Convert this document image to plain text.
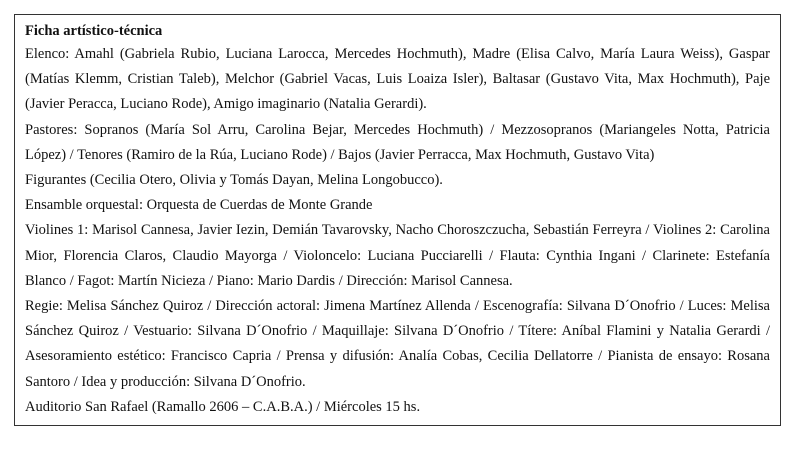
Ficha artístico-técnica

Elenco: Amahl (Gabriela Rubio, Luciana Larocca, Mercedes Hochmuth), Madre (Elisa Calvo, María Laura Weiss), Gaspar (Matías Klemm, Cristian Taleb), Melchor (Gabriel Vacas, Luis Loaiza Isler), Baltasar (Gustavo Vita, Max Hochmuth), Paje (Javier Peracca, Luciano Rode), Amigo imaginario (Natalia Gerardi).

Pastores: Sopranos (María Sol Arru, Carolina Bejar, Mercedes Hochmuth) / Mezzosopranos (Mariangeles Notta, Patricia López) / Tenores (Ramiro de la Rúa, Luciano Rode) / Bajos (Javier Perracca, Max Hochmuth, Gustavo Vita)

Figurantes (Cecilia Otero, Olivia y Tomás Dayan, Melina Longobucco).

Ensamble orquestal: Orquesta de Cuerdas de Monte Grande

Violines 1: Marisol Cannesa, Javier Iezin, Demián Tavarovsky, Nacho Choroszczucha, Sebastián Ferreyra / Violines 2: Carolina Mior, Florencia Claros, Claudio Mayorga / Violoncelo: Luciana Pucciarelli / Flauta: Cynthia Ingani / Clarinete: Estefanía Blanco / Fagot: Martín Nicieza / Piano: Mario Dardis / Dirección: Marisol Cannesa.

Regie: Melisa Sánchez Quiroz / Dirección actoral: Jimena Martínez Allenda / Escenografía: Silvana D´Onofrio / Luces: Melisa Sánchez Quiroz / Vestuario: Silvana D´Onofrio / Maquillaje: Silvana D´Onofrio / Títere: Aníbal Flamini y Natalia Gerardi / Asesoramiento estético: Francisco Capria / Prensa y difusión: Analía Cobas, Cecilia Dellatorre / Pianista de ensayo: Rosana Santoro / Idea y producción: Silvana D´Onofrio.

Auditorio San Rafael (Ramallo 2606 – C.A.B.A.) / Miércoles 15 hs.
